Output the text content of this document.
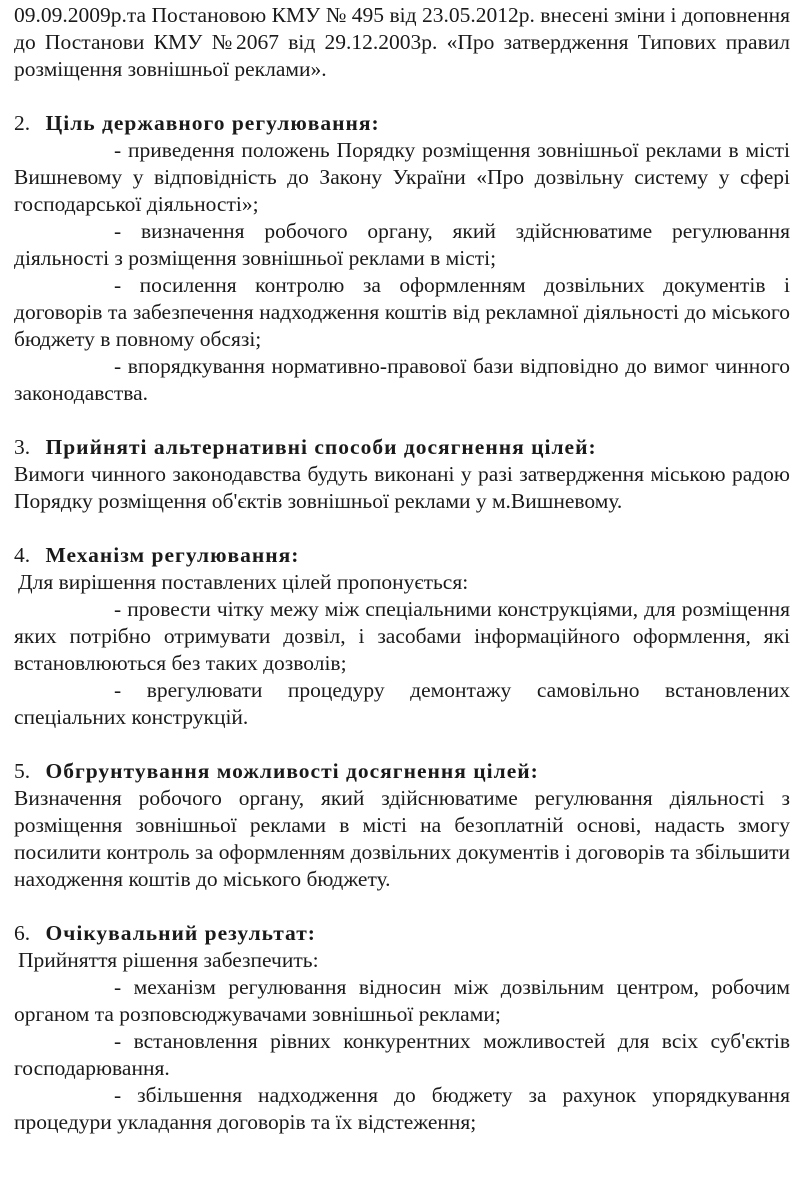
09.09.2009р.та Постановою КМУ № 495 від 23.05.2012р. внесені зміни і доповнення до Постанови КМУ №2067 від 29.12.2003р. «Про затвердження Типових правил розміщення зовнішньої реклами».

2. Ціль державного регулювання:

- приведення положень Порядку розміщення зовнішньої реклами в місті Вишневому у відповідність до Закону України «Про дозвільну систему у сфері господарської діяльності»;

- визначення робочого органу, який здійснюватиме регулювання діяльності з розміщення зовнішньої реклами в місті;

- посилення контролю за оформленням дозвільних документів і договорів та забезпечення надходження коштів від рекламної діяльності до міського бюджету в повному обсязі;

- впорядкування нормативно-правової бази відповідно до вимог чинного законодавства.

3. Прийняті альтернативні способи досягнення цілей:

Вимоги чинного законодавства будуть виконані у разі затвердження міською радою Порядку розміщення об'єктів зовнішньої реклами у м.Вишневому.

4. Механізм регулювання:

Для вирішення поставлених цілей пропонується:

- провести чітку межу між спеціальними конструкціями, для розміщення яких потрібно отримувати дозвіл, і засобами інформаційного оформлення, які встановлюються без таких дозволів;

- врегулювати процедуру демонтажу самовільно встановлених спеціальних конструкцій.

5. Обгрунтування можливості досягнення цілей:

Визначення робочого органу, який здійснюватиме регулювання діяльності з розміщення зовнішньої реклами в місті на безоплатній основі, надасть змогу посилити контроль за оформленням дозвільних документів і договорів та збільшити находження коштів до міського бюджету.

6. Очікувальний результат:

Прийняття рішення забезпечить:

- механізм регулювання відносин між дозвільним центром, робочим органом та розповсюджувачами зовнішньої реклами;

- встановлення рівних конкурентних можливостей для всіх суб'єктів господарювання.

- збільшення надходження до бюджету за рахунок упорядкування процедури укладання договорів та їх відстеження;
